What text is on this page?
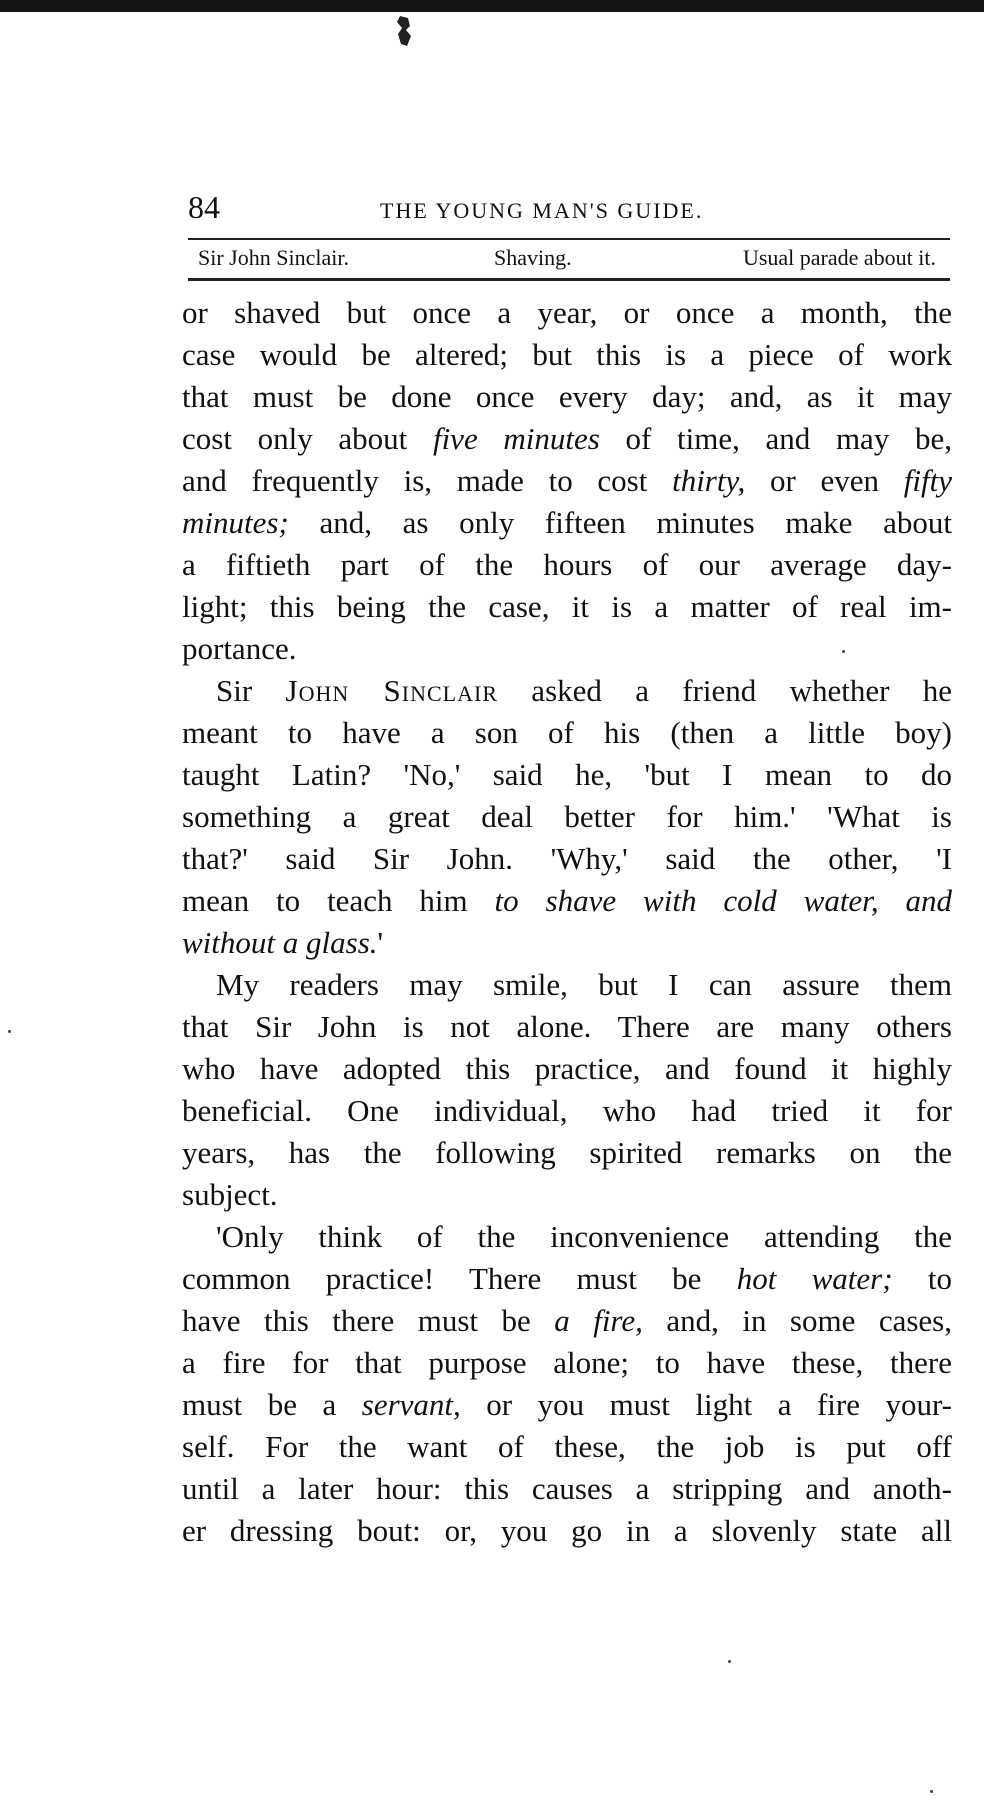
84	THE YOUNG MAN'S GUIDE.
Sir John Sinclair.	Shaving.	Usual parade about it.
or shaved but once a year, or once a month, the
case would be altered; but this is a piece of work
that must be done once every day; and, as it may
cost only about five minutes of time, and may be,
and frequently is, made to cost thirty, or even fifty
minutes; and, as only fifteen minutes make about
a fiftieth part of the hours of our average day-
light; this being the case, it is a matter of real im-
portance.
Sir John Sinclair asked a friend whether he
meant to have a son of his (then a little boy)
taught Latin? 'No,' said he, 'but I mean to do
something a great deal better for him.' 'What is
that?' said Sir John. 'Why,' said the other, 'I
mean to teach him to shave with cold water, and
without a glass.'
My readers may smile, but I can assure them
that Sir John is not alone. There are many others
who have adopted this practice, and found it highly
beneficial. One individual, who had tried it for
years, has the following spirited remarks on the
subject.
'Only think of the inconvenience attending the
common practice! There must be hot water; to
have this there must be a fire, and, in some cases,
a fire for that purpose alone; to have these, there
must be a servant, or you must light a fire your-
self. For the want of these, the job is put off
until a later hour: this causes a stripping and anoth-
er dressing bout: or, you go in a slovenly state all
